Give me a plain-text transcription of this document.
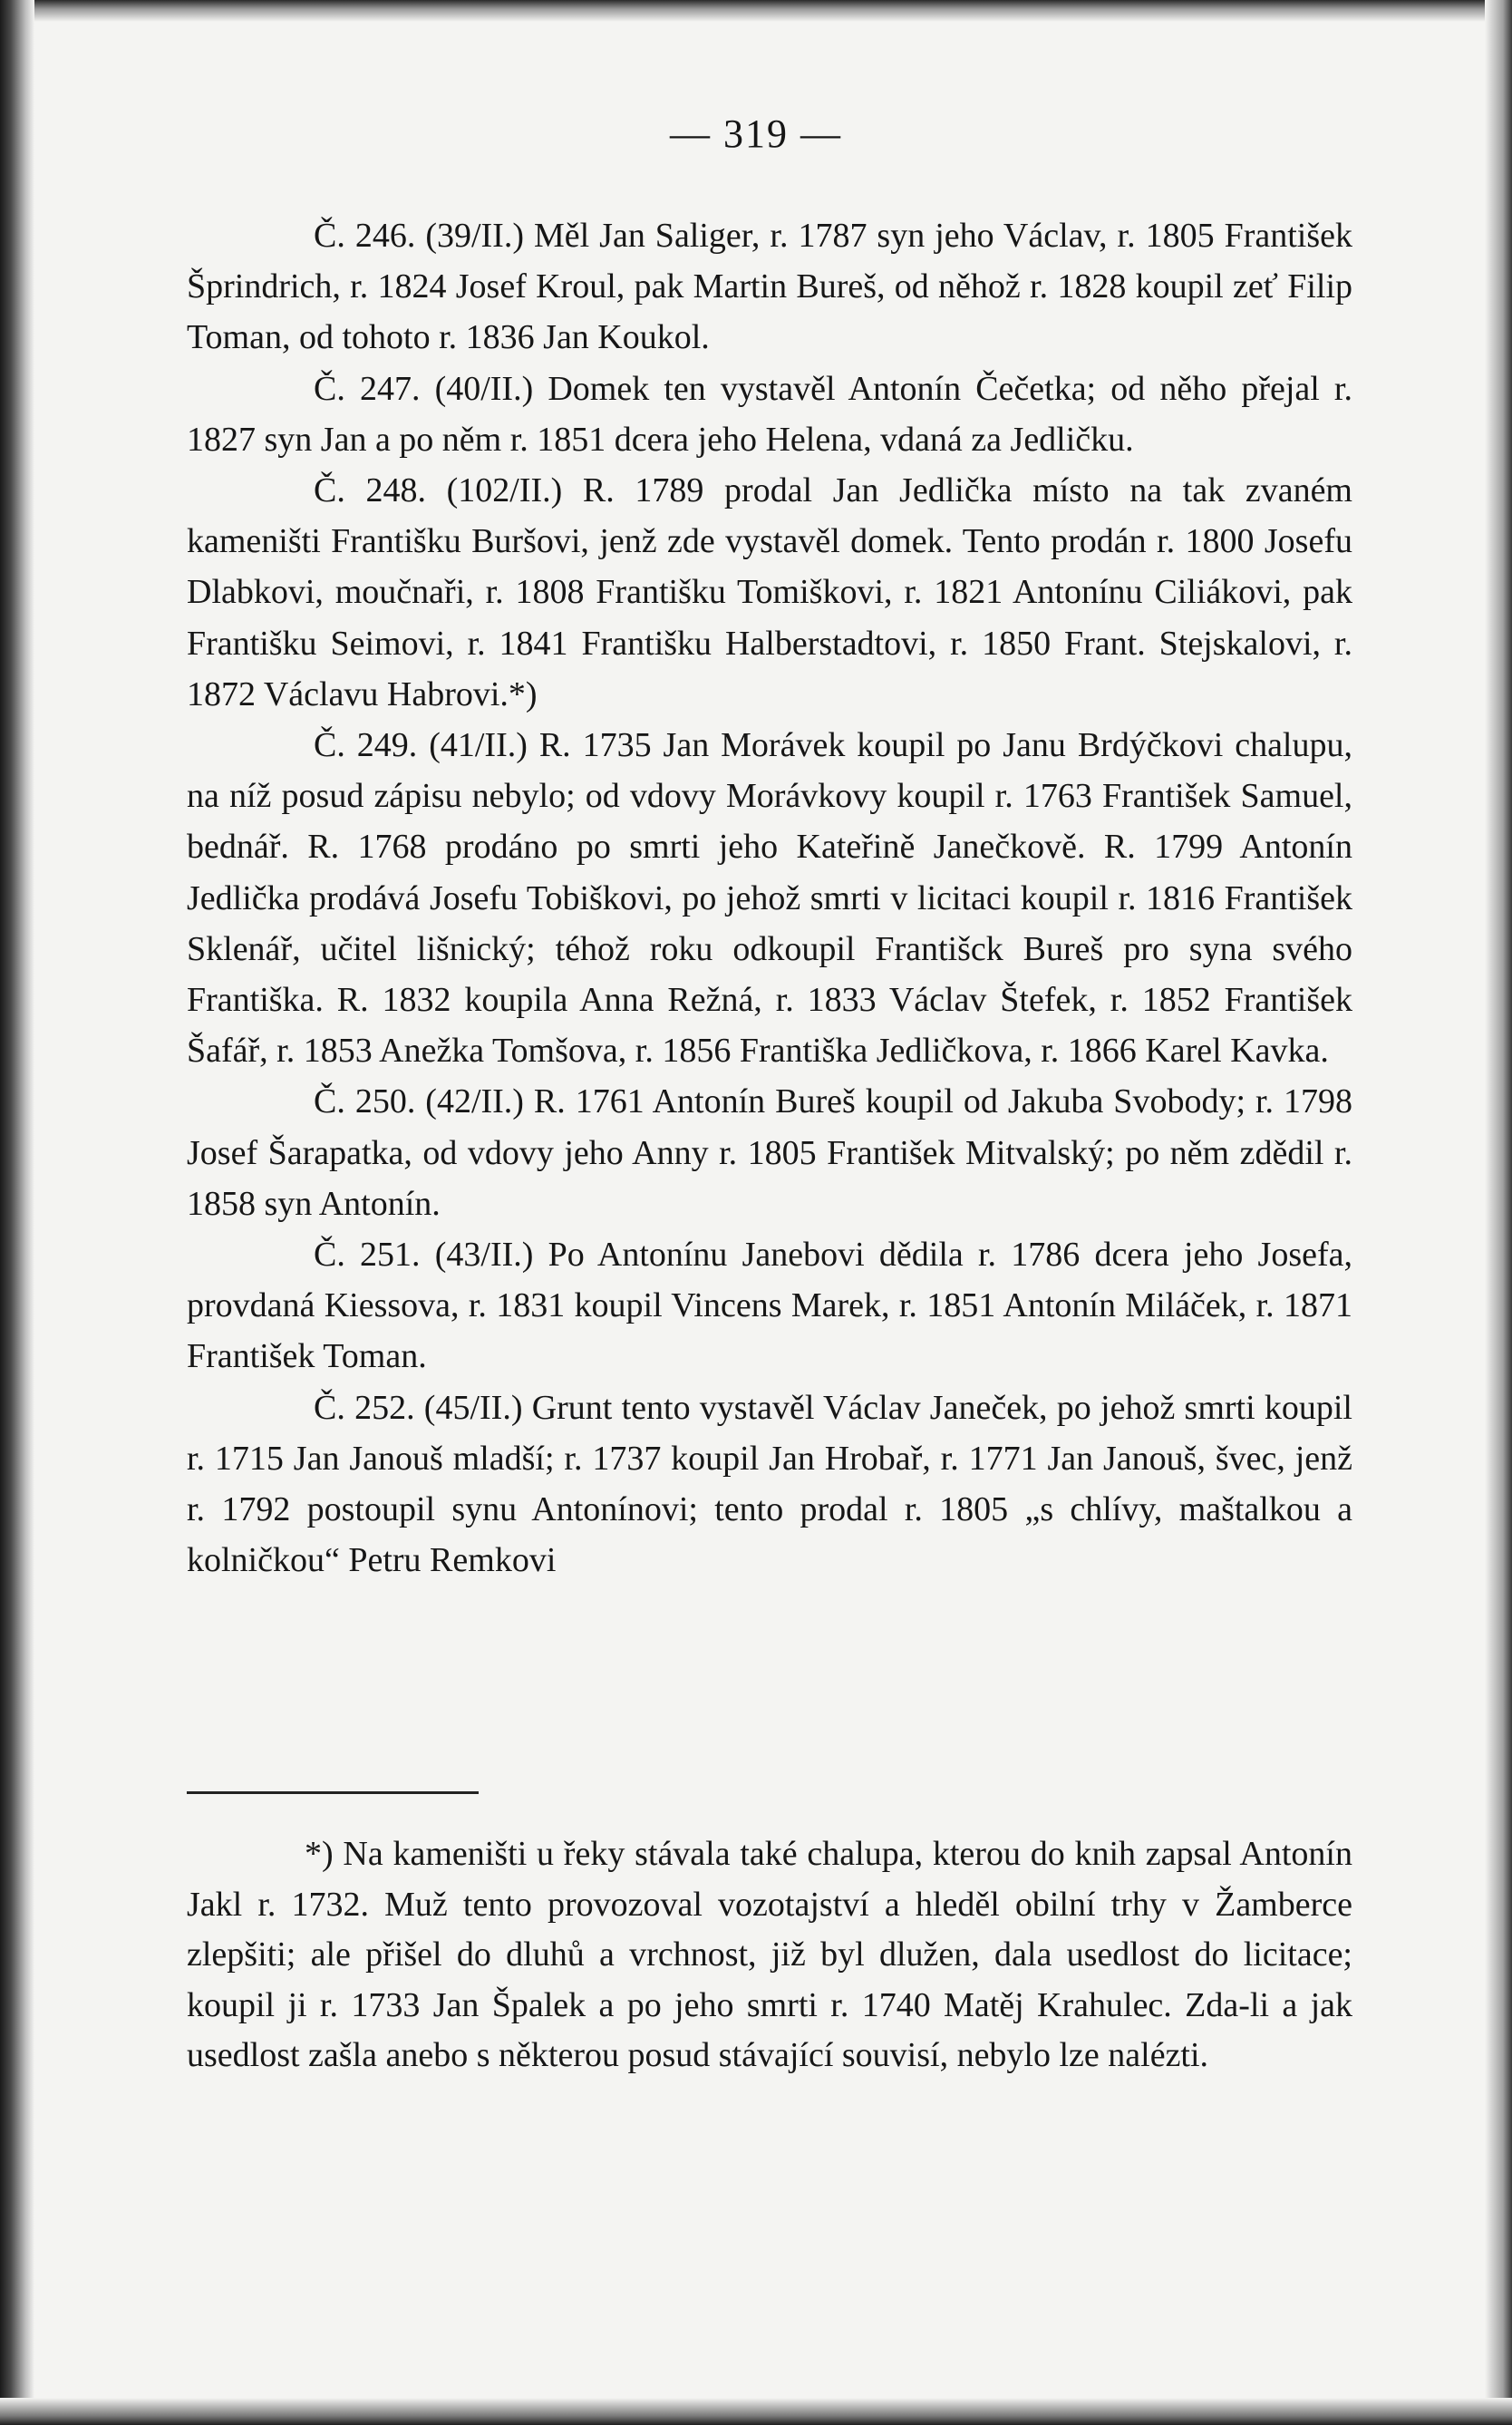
— 319 —

Č. 246. (39/II.) Měl Jan Saliger, r. 1787 syn jeho Václav, r. 1805 František Šprindrich, r. 1824 Josef Kroul, pak Martin Bureš, od něhož r. 1828 koupil zeť Filip Toman, od tohoto r. 1836 Jan Koukol.

Č. 247. (40/II.) Domek ten vystavěl Antonín Čečetka; od něho přejal r. 1827 syn Jan a po něm r. 1851 dcera jeho Helena, vdaná za Jedličku.

Č. 248. (102/II.) R. 1789 prodal Jan Jedlička místo na tak zvaném kameništi Františku Buršovi, jenž zde vystavěl domek. Tento prodán r. 1800 Josefu Dlabkovi, moučnaři, r. 1808 Františku Tomiškovi, r. 1821 Antonínu Ciliákovi, pak Františku Seimovi, r. 1841 Františku Halberstadtovi, r. 1850 Frant. Stejskalovi, r. 1872 Václavu Habrovi.*)

Č. 249. (41/II.) R. 1735 Jan Morávek koupil po Janu Brdýčkovi chalupu, na níž posud zápisu nebylo; od vdovy Morávkovy koupil r. 1763 František Samuel, bednář. R. 1768 prodáno po smrti jeho Kateřině Janečkově. R. 1799 Antonín Jedlička prodává Josefu Tobiškovi, po jehož smrti v licitaci koupil r. 1816 František Sklenář, učitel lišnický; téhož roku odkoupil Františck Bureš pro syna svého Františka. R. 1832 koupila Anna Režná, r. 1833 Václav Štefek, r. 1852 František Šafář, r. 1853 Anežka Tomšova, r. 1856 Františka Jedličkova, r. 1866 Karel Kavka.

Č. 250. (42/II.) R. 1761 Antonín Bureš koupil od Jakuba Svobody; r. 1798 Josef Šarapatka, od vdovy jeho Anny r. 1805 František Mitvalský; po něm zdědil r. 1858 syn Antonín.

Č. 251. (43/II.) Po Antonínu Janebovi dědila r. 1786 dcera jeho Josefa, provdaná Kiessova, r. 1831 koupil Vincens Marek, r. 1851 Antonín Miláček, r. 1871 František Toman.

Č. 252. (45/II.) Grunt tento vystavěl Václav Janeček, po jehož smrti koupil r. 1715 Jan Janouš mladší; r. 1737 koupil Jan Hrobař, r. 1771 Jan Janouš, švec, jenž r. 1792 postoupil synu Antonínovi; tento prodal r. 1805 „s chlívy, maštalkou a kolničkou“ Petru Remkovi

*) Na kameništi u řeky stávala také chalupa, kterou do knih zapsal Antonín Jakl r. 1732. Muž tento provozoval vozotajství a hleděl obilní trhy v Žamberce zlepšiti; ale přišel do dluhů a vrchnost, již byl dlužen, dala usedlost do licitace; koupil ji r. 1733 Jan Špalek a po jeho smrti r. 1740 Matěj Krahulec. Zda-li a jak usedlost zašla anebo s některou posud stávající souvisí, nebylo lze nalézti.
